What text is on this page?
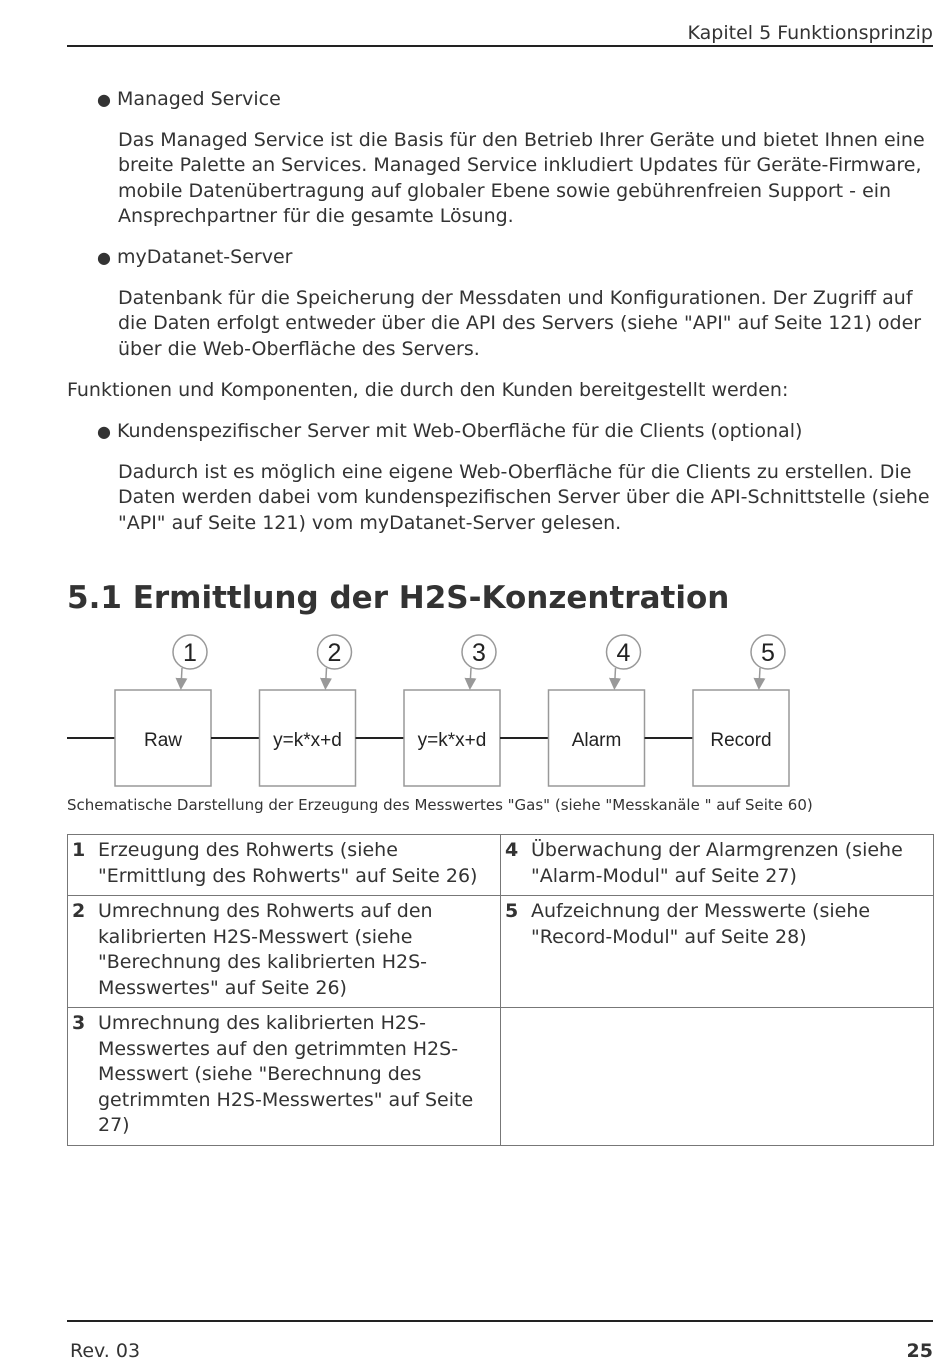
Kapitel 5 Funktionsprinzip
● Managed Service
Das Managed Service ist die Basis für den Betrieb Ihrer Geräte und bietet Ihnen eine breite Palette an Services. Managed Service inkludiert Updates für Geräte-Firmware, mobile Datenübertragung auf globaler Ebene sowie gebührenfreien Support - ein Ansprechpartner für die gesamte Lösung.
● myDatanet-Server
Datenbank für die Speicherung der Messdaten und Konfigurationen. Der Zugriff auf die Daten erfolgt entweder über die API des Servers (siehe "API" auf Seite 121) oder über die Web-Oberfläche des Servers.
Funktionen und Komponenten, die durch den Kunden bereitgestellt werden:
● Kundenspezifischer Server mit Web-Oberfläche für die Clients (optional)
Dadurch ist es möglich eine eigene Web-Oberfläche für die Clients zu erstellen. Die Daten werden dabei vom kundenspezifischen Server über die API-Schnittstelle (siehe "API" auf Seite 121) vom myDatanet-Server gelesen.
5.1 Ermittlung der H2S-Konzentration
Raw
1
y=k*x+d
2
y=k*x+d
3
Alarm
4
Record
5
Schematische Darstellung der Erzeugung des Messwertes "Gas" (siehe "Messkanäle " auf Seite 60)
1 Erzeugung des Rohwerts (siehe "Ermittlung des Rohwerts" auf Seite 26)	4 Überwachung der Alarmgrenzen (siehe "Alarm-Modul" auf Seite 27)
2 Umrechnung des Rohwerts auf den kalibrierten H2S-Messwert (siehe "Berechnung des kalibrierten H2S-Messwertes" auf Seite 26)	5 Aufzeichnung der Messwerte (siehe "Record-Modul" auf Seite 28)
3 Umrechnung des kalibrierten H2S-Messwertes auf den getrimmten H2S-Messwert (siehe "Berechnung des getrimmten H2S-Messwertes" auf Seite 27)	
Rev. 03	25
